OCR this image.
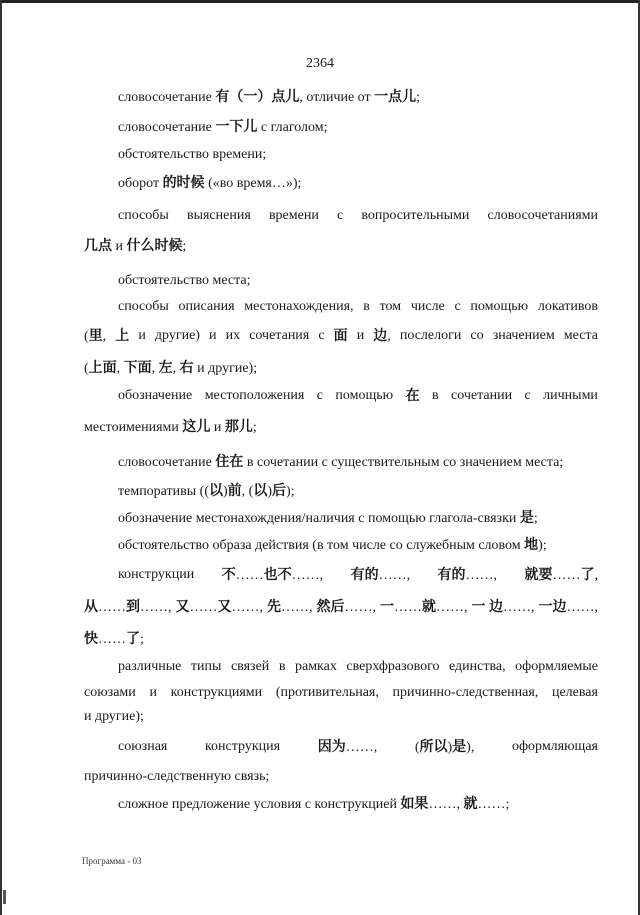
2364
словосочетание 有（一）点儿, отличие от 一点儿;
словосочетание 一下儿 с глаголом;
обстоятельство времени;
оборот 的时候 («во время…»);
способы выяснения времени с вопросительными словосочетаниями
几点 и 什么时候;
обстоятельство места;
способы описания местонахождения, в том числе с помощью локативов
(里, 上 и другие) и их сочетания с 面 и 边, послелоги со значением места
(上面, 下面, 左, 右 и другие);
обозначение местоположения с помощью 在 в сочетании с личными
местоимениями 这儿 и 那儿;
словосочетание 住在 в сочетании с существительным со значением места;
темпоративы ((以)前, (以)后);
обозначение местонахождения/наличия с помощью глагола-связки 是;
обстоятельство образа действия (в том числе со служебным словом 地);
конструкции 不……也不……, 有的……, 有的……, 就要……了,
从……到……, 又……又……, 先……, 然后……, 一……就……, 一 边……, 一边……,
快……了;
различные типы связей в рамках сверхфразового единства, оформляемые
союзами и конструкциями (противительная, причинно-следственная, целевая
и другие);
союзная	конструкция	因为……,	(所以)是),	оформляющая
причинно-следственную связь;
сложное предложение условия с конструкцией 如果……, 就……;
Программа - 03
